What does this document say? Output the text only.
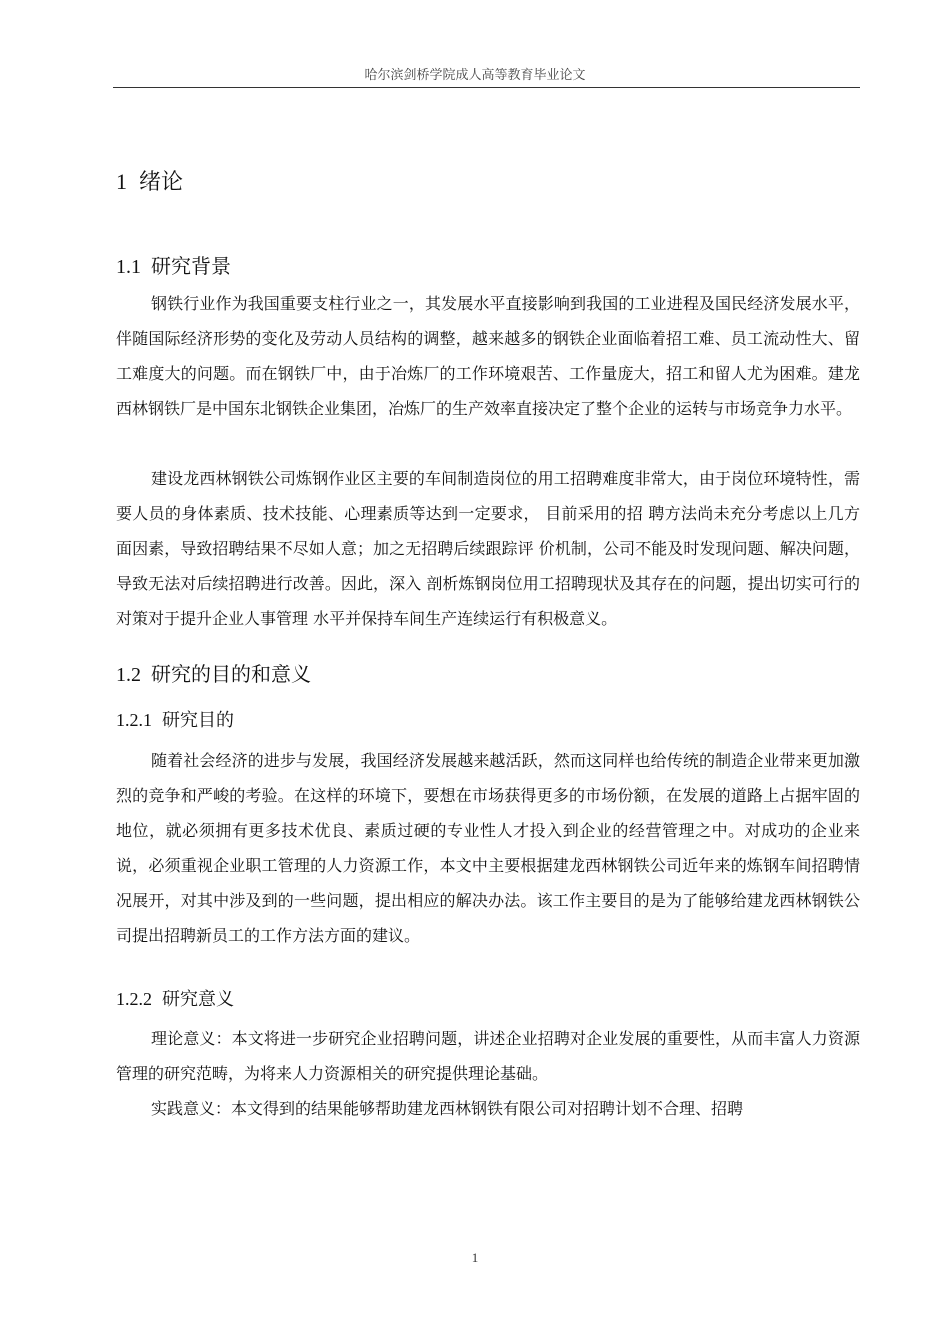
哈尔滨剑桥学院成人高等教育毕业论文
1 绪论
1.1 研究背景

钢铁行业作为我国重要支柱行业之一，其发展水平直接影响到我国的工业进程及国民经济发展水平，伴随国际经济形势的变化及劳动人员结构的调整，越来越多的钢铁企业面临着招工难、员工流动性大、留工难度大的问题。而在钢铁厂中，由于冶炼厂的工作环境艰苦、工作量庞大，招工和留人尤为困难。建龙西林钢铁厂是中国东北钢铁企业集团，冶炼厂的生产效率直接决定了整个企业的运转与市场竞争力水平。

建设龙西林钢铁公司炼钢作业区主要的车间制造岗位的用工招聘难度非常大，由于岗位环境特性，需要人员的身体素质、技术技能、心理素质等达到一定要求， 目前采用的招 聘方法尚未充分考虑以上几方面因素，导致招聘结果不尽如人意；加之无招聘后续跟踪评 价机制，公司不能及时发现问题、解决问题，导致无法对后续招聘进行改善。因此，深入 剖析炼钢岗位用工招聘现状及其存在的问题，提出切实可行的对策对于提升企业人事管理 水平并保持车间生产连续运行有积极意义。

1.2 研究的目的和意义
1.2.1 研究目的

随着社会经济的进步与发展，我国经济发展越来越活跃，然而这同样也给传统的制造企业带来更加激烈的竞争和严峻的考验。在这样的环境下，要想在市场获得更多的市场份额，在发展的道路上占据牢固的地位，就必须拥有更多技术优良、素质过硬的专业性人才投入到企业的经营管理之中。对成功的企业来说，必须重视企业职工管理的人力资源工作，本文中主要根据建龙西林钢铁公司近年来的炼钢车间招聘情况展开，对其中涉及到的一些问题，提出相应的解决办法。该工作主要目的是为了能够给建龙西林钢铁公司提出招聘新员工的工作方法方面的建议。

1.2.2 研究意义

理论意义：本文将进一步研究企业招聘问题，讲述企业招聘对企业发展的重要性，从而丰富人力资源管理的研究范畴，为将来人力资源相关的研究提供理论基础。

实践意义：本文得到的结果能够帮助建龙西林钢铁有限公司对招聘计划不合理、招聘

1
